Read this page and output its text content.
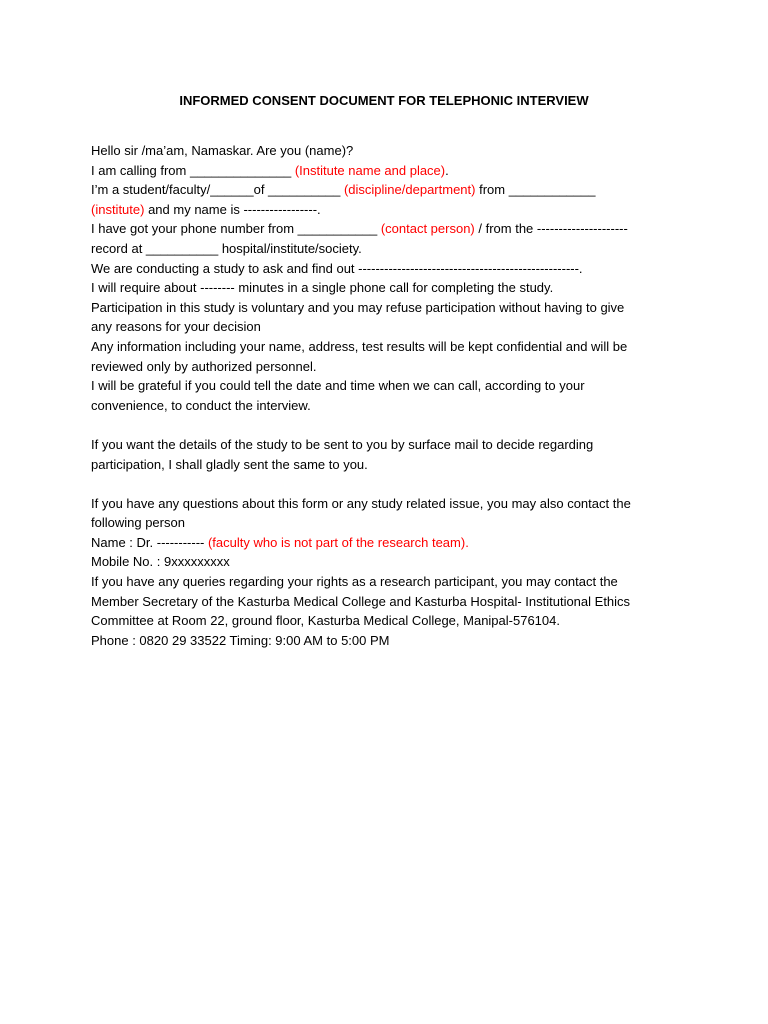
INFORMED CONSENT DOCUMENT FOR TELEPHONIC INTERVIEW
Hello sir /ma’am, Namaskar. Are you (name)?
I am calling from ______________ (Institute name and place).
I’m a student/faculty/______of __________ (discipline/department) from ____________
(institute) and my name is -----------------.
I have got your phone number from ___________ (contact person) / from the ---------------------
record at __________ hospital/institute/society.
We are conducting a study to ask and find out ---------------------------------------------------.
I will require about -------- minutes in a single phone call for completing the study.
Participation in this study is voluntary and you may refuse participation without having to give
any reasons for your decision
Any information including your name, address, test results will be kept confidential and will be
reviewed only by authorized personnel.
I will be grateful if you could tell the date and time when we can call, according to your
convenience, to conduct the interview.
If you want the details of the study to be sent to you by surface mail to decide regarding
participation, I shall gladly sent the same to you.
If you have any questions about this form or any study related issue, you may also contact the
following person
Name : Dr. ----------- (faculty who is not part of the research team).
Mobile No. : 9xxxxxxxxx
If you have any queries regarding your rights as a research participant, you may contact the
Member Secretary of the Kasturba Medical College and Kasturba Hospital- Institutional Ethics
Committee at Room 22, ground floor, Kasturba Medical College, Manipal-576104.
Phone : 0820 29 33522 Timing: 9:00 AM to 5:00 PM
